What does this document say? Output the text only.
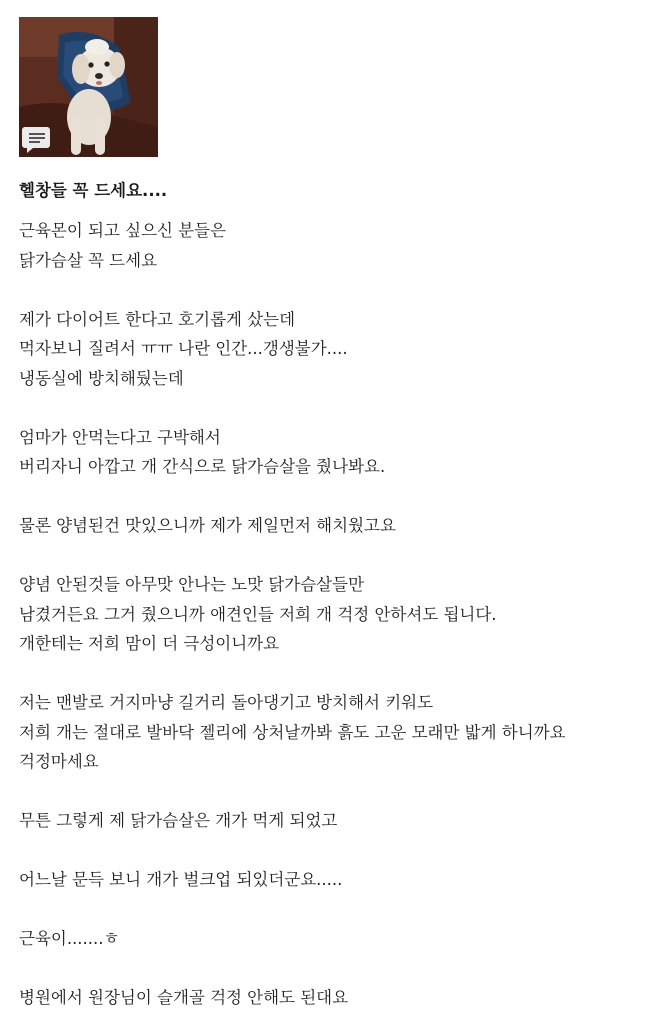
헬창들 꼭 드세요....
근육몬이 되고 싶으신 분들은
닭가슴살 꼭 드세요
제가 다이어트 한다고 호기롭게 샀는데
먹자보니 질려서 ㅠㅠ 나란 인간...갱생불가....
냉동실에 방치해뒀는데
엄마가 안먹는다고 구박해서
버리자니 아깝고 개 간식으로 닭가슴살을 줬나봐요.
물론 양념된건 맛있으니까 제가 제일먼저 해치웠고요
양념 안된것들 아무맛 안나는 노맛 닭가슴살들만
남겼거든요 그거 줬으니까 애견인들 저희 개 걱정 안하셔도 됩니다.
개한테는 저희 맘이 더 극성이니까요
저는 맨발로 거지마냥 길거리 돌아댕기고 방치해서 키워도
저희 개는 절대로 발바닥 젤리에 상처날까봐 흙도 고운 모래만 밟게 하니까요
걱정마세요
무튼 그렇게 제 닭가슴살은 개가 먹게 되었고
어느날 문득 보니 개가 벌크업 되있더군요.....
근육이.......ㅎ
병원에서 원장님이 슬개골 걱정 안해도 된대요
